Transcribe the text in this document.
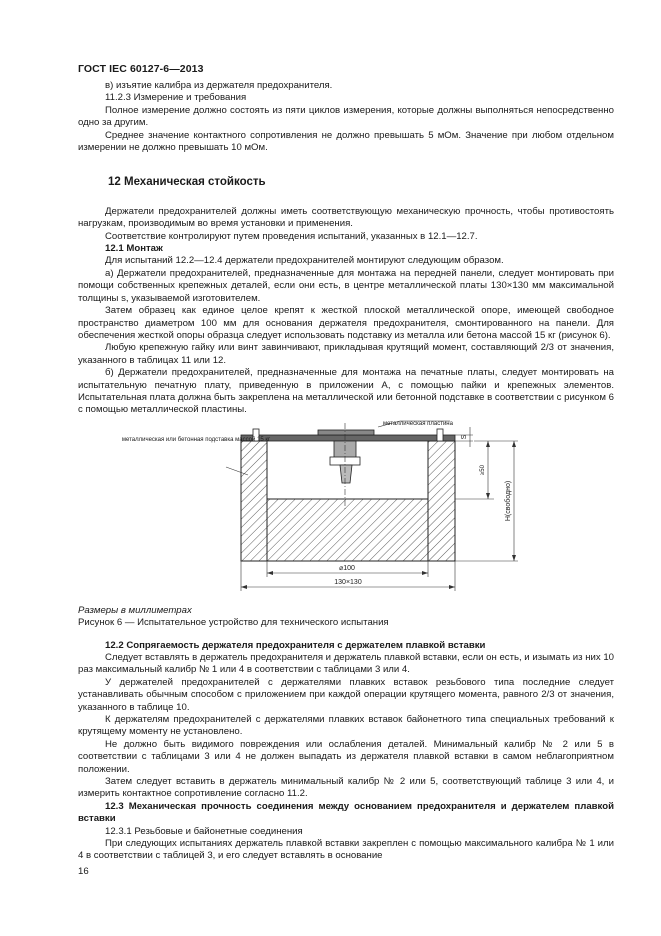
ГОСТ IEC 60127-6—2013

в) изъятие калибра из держателя предохранителя.

11.2.3 Измерение и требования

Полное измерение должно состоять из пяти циклов измерения, которые должны выполняться непосредственно одно за другим.

Среднее значение контактного сопротивления не должно превышать 5 мОм. Значение при любом отдельном измерении не должно превышать 10 мОм.

12 Механическая стойкость

Держатели предохранителей должны иметь соответствующую механическую прочность, чтобы противостоять нагрузкам, производимым во время установки и применения.

Соответствие контролируют путем проведения испытаний, указанных в 12.1—12.7.

12.1 Монтаж

Для испытаний 12.2—12.4 держатели предохранителей монтируют следующим образом.

а) Держатели предохранителей, предназначенные для монтажа на передней панели, следует монтировать при помощи собственных крепежных деталей, если они есть, в центре металлической платы 130×130 мм максимальной толщины s, указываемой изготовителем.

Затем образец как единое целое крепят к жесткой плоской металлической опоре, имеющей свободное пространство диаметром 100 мм для основания держателя предохранителя, смонтированного на панели. Для обеспечения жесткой опоры образца следует использовать подставку из металла или бетона массой 15 кг (рисунок 6).

Любую крепежную гайку или винт завинчивают, прикладывая крутящий момент, составляющий 2/3 от значения, указанного в таблицах 11 или 12.

б) Держатели предохранителей, предназначенные для монтажа на печатные платы, следует монтировать на испытательную печатную плату, приведенную в приложении А, с помощью пайки и крепежных элементов. Испытательная плата должна быть закреплена на металлической или бетонной подставке в соответствии с рисунком 6 с помощью металлической пластины.

металлическая пластина
металлическая или бетонная подставка массой 15 кг	S
≥50
H(свободно)
⌀100
130×130

Размеры в миллиметрах

Рисунок 6 — Испытательное устройство для технического испытания

12.2 Сопрягаемость держателя предохранителя с держателем плавкой вставки

Следует вставлять в держатель предохранителя и держатель плавкой вставки, если он есть, и изымать из них 10 раз максимальный калибр № 1 или 4 в соответствии с таблицами 3 или 4.

У держателей предохранителей с держателями плавких вставок резьбового типа последние следует устанавливать обычным способом с приложением при каждой операции крутящего момента, равного 2/3 от значения, указанного в таблице 10.

К держателям предохранителей с держателями плавких вставок байонетного типа специальных требований к крутящему моменту не установлено.

Не должно быть видимого повреждения или ослабления деталей. Минимальный калибр № 2 или 5 в соответствии с таблицами 3 или 4 не должен выпадать из держателя плавкой вставки в самом неблагоприятном положении.

Затем следует вставить в держатель минимальный калибр № 2 или 5, соответствующий таблице 3 или 4, и измерить контактное сопротивление согласно 11.2.

12.3 Механическая прочность соединения между основанием предохранителя и держателем плавкой вставки

12.3.1 Резьбовые и байонетные соединения

При следующих испытаниях держатель плавкой вставки закреплен с помощью максимального калибра № 1 или 4 в соответствии с таблицей 3, и его следует вставлять в основание

16
